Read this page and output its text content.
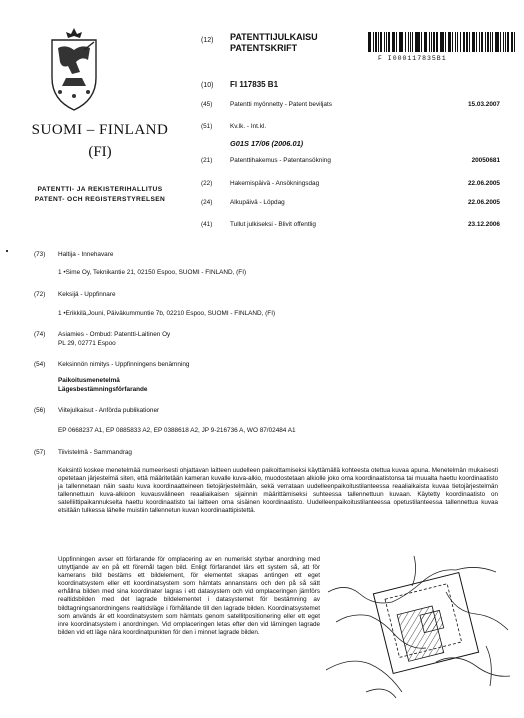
SUOMI – FINLAND
(FI)
PATENTTI- JA REKISTERIHALLITUS
PATENT- OCH REGISTERSTYRELSEN
(12) PATENTTIJULKAISU
PATENTSKRIFT
F I000117835B1
(10) FI 117835 B1
(45)	Patentti myönnetty - Patent beviljats	15.03.2007
(51)	Kv.lk. - Int.kl.
G01S 17/06 (2006.01)
(21)	Patenttihakemus - Patentansökning	20050681
(22)	Hakemispäivä - Ansökningsdag	22.06.2005
(24)	Alkupäivä - Löpdag	22.06.2005
(41)	Tullut julkiseksi - Blivit offentlig	23.12.2006
(73) Haltija - Innehavare
1 •Sime Oy, Teknikantie 21, 02150 Espoo, SUOMI - FINLAND, (FI)
(72) Keksijä - Uppfinnare
1 •Erikkilä,Jouni, Päiväkummuntie 7b, 02210 Espoo, SUOMI - FINLAND, (FI)
(74) Asiamies - Ombud: Patentti-Laitinen Oy
PL 29, 02771 Espoo
(54) Keksinnön nimitys - Uppfinningens benämning
Paikoitusmenetelmä
Lägesbestämningsförfarande
(56) Viitejulkaisut - Anförda publikationer
EP 0668237 A1, EP 0885833 A2, EP 0388618 A2, JP 9-216736 A, WO 87/02484 A1
(57) Tiivistelmä - Sammandrag
Keksintö koskee menetelmää numeerisesti ohjattavan laitteen uudelleen paikoittamiseksi käyttämällä kohteesta otettua kuvaa apuna. Menetelmän mukaisesti opetetaan järjestelmä siten, että määritetään kameran kuvalle kuva-alkio, muodostetaan alkiolle joko oma koordinaatistonsa tai muualta haettu koordinaatisto ja tallennetaan näin saatu kuva koordinaatteineen tietojärjestelmään, sekä verrataan uudelleenpaikoitustilanteessa reaaliaikaista kuvaa tietojärjestelmän tallennettuun kuva-alkioon kuvausvälineen reaaliaikaisen sijainnin määrittämiseksi suhteessa tallennettuun kuvaan. Käytetty koordinaatisto on satelliittipaikannukselta haettu koordinaatisto tai laitteen oma sisäinen koordinaatisto. Uudelleenpaikoitustilanteessa opetustilanteessa tallennettua kuvaa etsitään tulkessa lähelle muistiin tallennetun kuvan koordinaattipistettä.
Uppfinningen avser ett förfarande för omplacering av en numeriskt styrbar anordning med utnyttjande av en på ett föremål tagen bild. Enligt förfarandet lärs ett system så, att för kamerans bild bestäms ett bildelement, för elementet skapas antingen ett eget koordinatsystem eller ett koordinatsystem som hämtats annanstans och den på så sätt erhållna bilden med sina koordinater lagras i ett datasystem och vid omplaceringen jämförs realtidsbilden med det lagrade bildelementet i datasystemet för bestämning av bildtagningsanordningens realtidsläge i förhållande till den lagrade bilden. Koordinatsystemet som används är ett koordinatsystem som hämtats genom satellitpositionering eller ett eget inre koordinatsystem i anordningen. Vid omplaceringen letas efter den vid lärningen lagrade bilden vid ett läge nära koordinatpunkten för den i minnet lagrade bilden.
